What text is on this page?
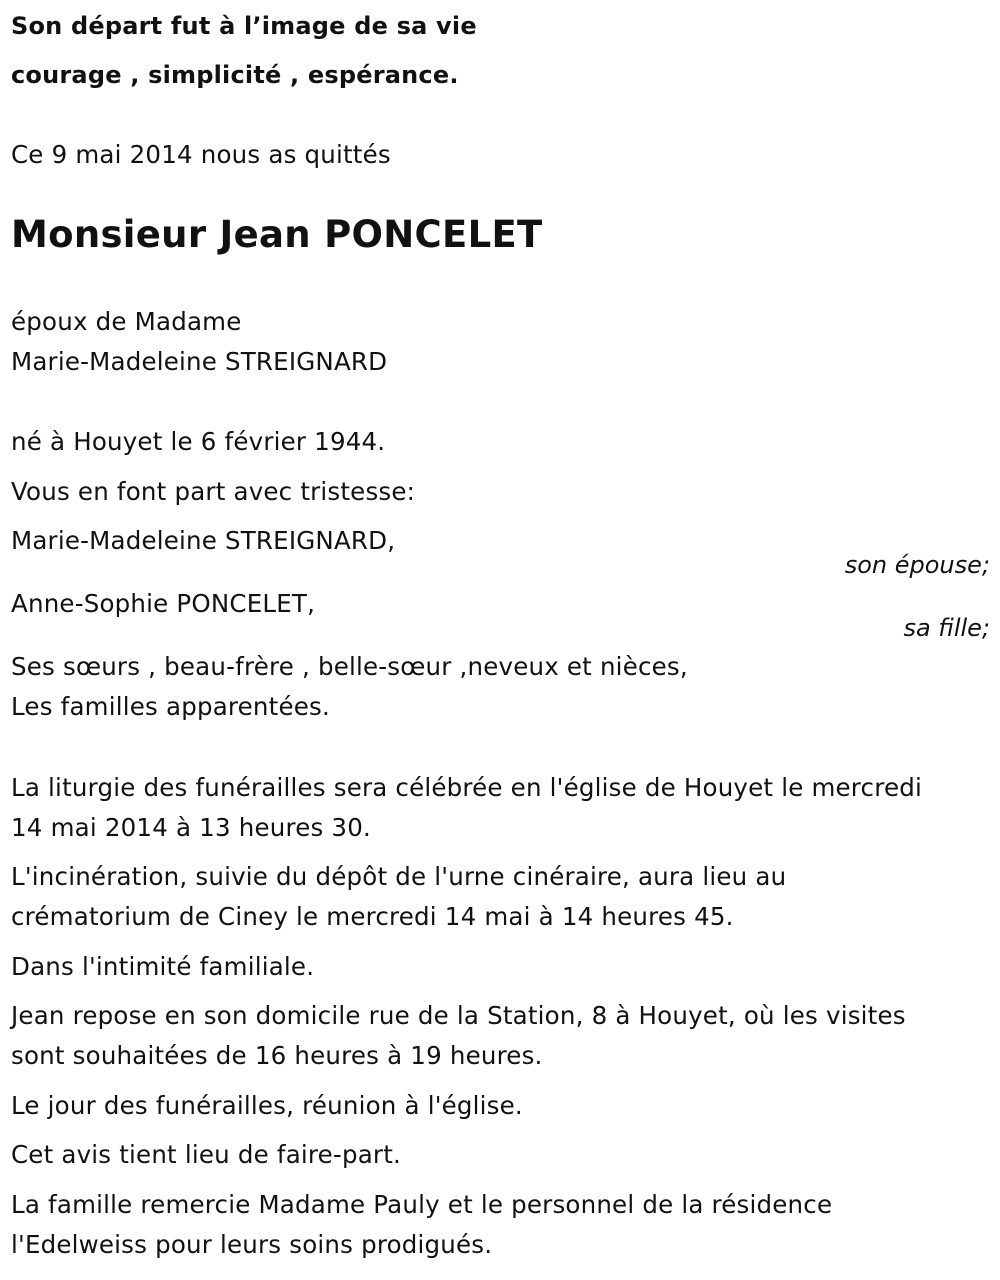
Son départ fut à l’image de sa vie
courage , simplicité , espérance.
Ce 9 mai 2014 nous as quittés
Monsieur Jean PONCELET
époux de Madame
Marie-Madeleine STREIGNARD
né à Houyet le 6 février 1944.
Vous en font part avec tristesse:
Marie-Madeleine STREIGNARD,
son épouse;
Anne-Sophie PONCELET,
sa fille;
Ses sœurs , beau-frère , belle-sœur ,neveux et nièces,
Les familles apparentées.
La liturgie des funérailles sera célébrée en l'église de Houyet le mercredi
14 mai 2014 à 13 heures 30.
L'incinération, suivie du dépôt de l'urne cinéraire, aura lieu au
crématorium de Ciney le mercredi 14 mai à 14 heures 45.
Dans l'intimité familiale.
Jean repose en son domicile rue de la Station, 8 à Houyet, où les visites
sont souhaitées de 16 heures à 19 heures.
Le jour des funérailles, réunion à l'église.
Cet avis tient lieu de faire-part.
La famille remercie Madame Pauly et le personnel de la résidence
l'Edelweiss pour leurs soins prodigués.
